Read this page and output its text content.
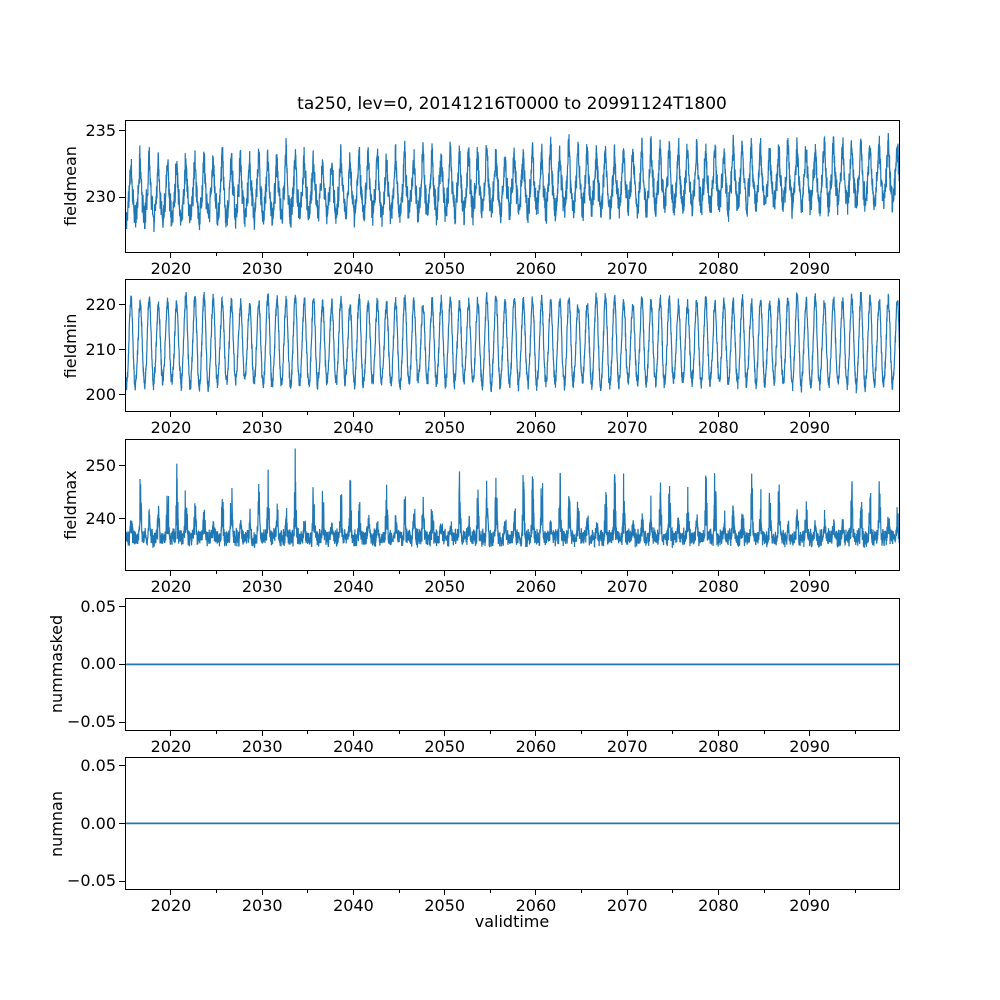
ta250, lev=0, 20141216T0000 to 20991124T1800
235
230
2020	2030	2040	2050	2060	2070	2080	2090
fieldmean
220
210
200
2020	2030	2040	2050	2060	2070	2080	2090
fieldmin
250
240
2020	2030	2040	2050	2060	2070	2080	2090
fieldmax
0.05
0.00
−0.05
2020	2030	2040	2050	2060	2070	2080	2090
nummasked
0.05
0.00
−0.05
2020	2030	2040	2050	2060	2070	2080	2090
numnan
validtime
